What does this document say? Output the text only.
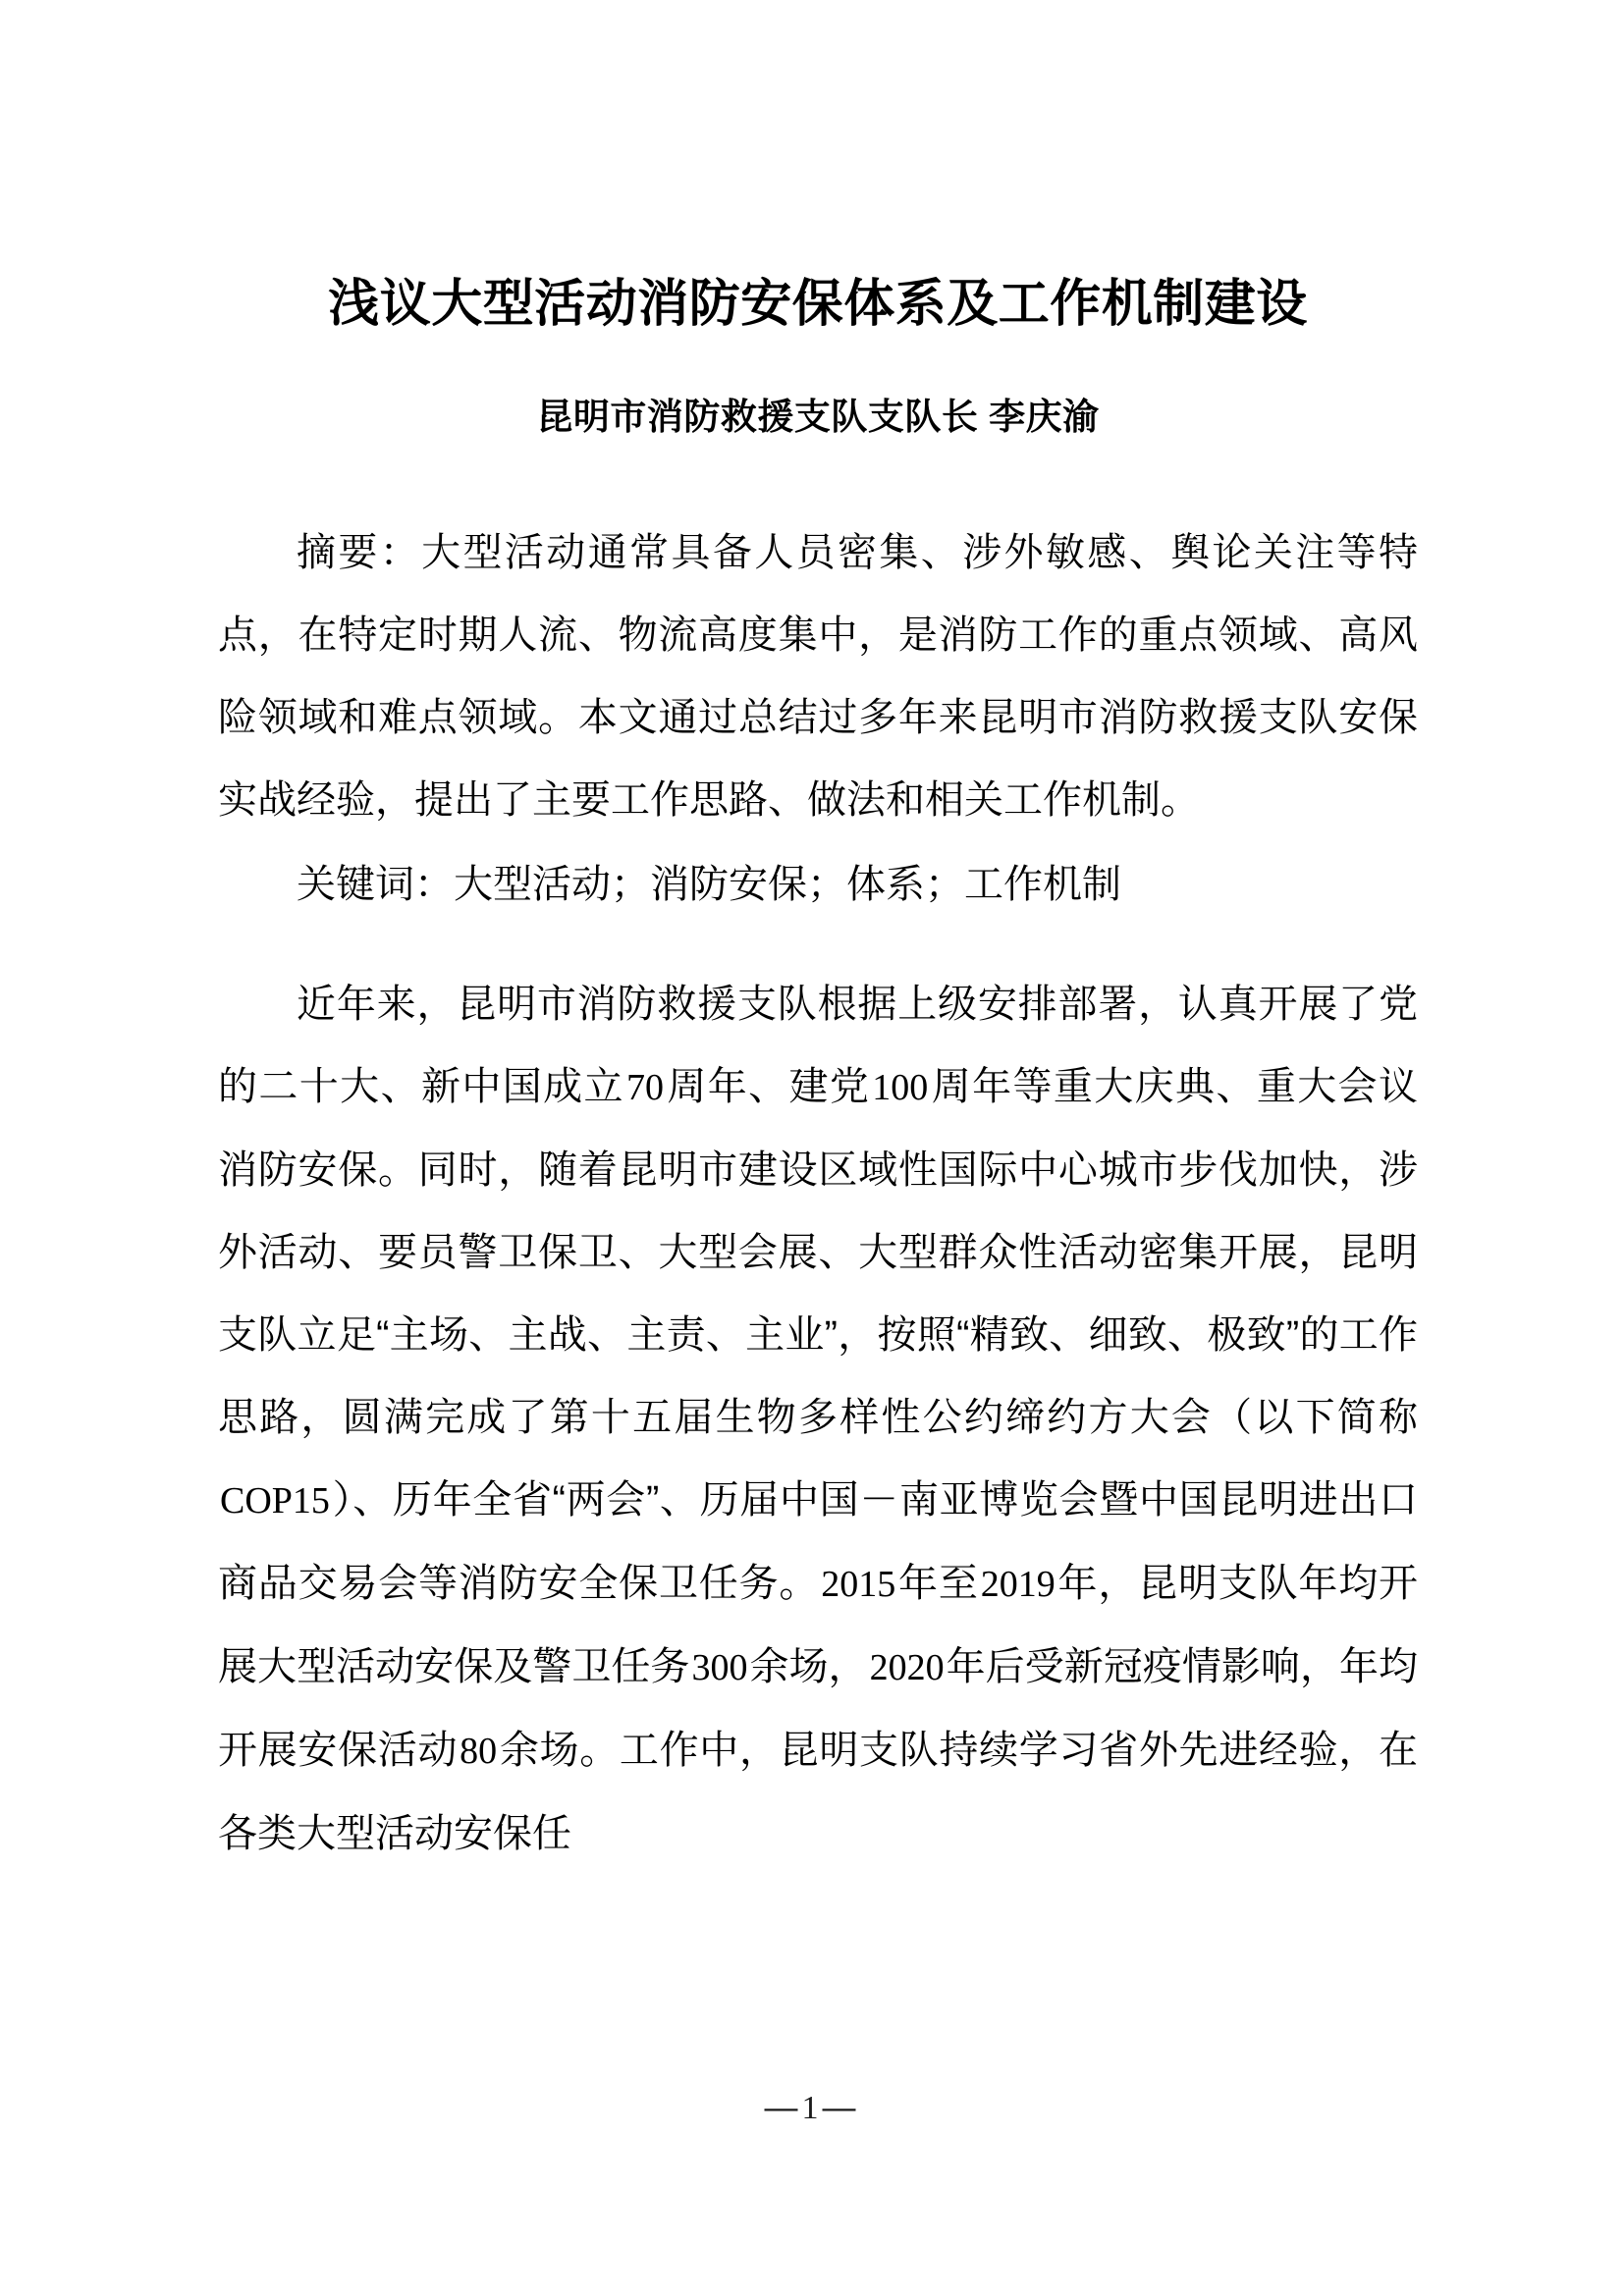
浅议大型活动消防安保体系及工作机制建设

昆明市消防救援支队支队长 李庆渝

摘要：大型活动通常具备人员密集、涉外敏感、舆论关注等特点，在特定时期人流、物流高度集中，是消防工作的重点领域、高风险领域和难点领域。本文通过总结过多年来昆明市消防救援支队安保实战经验，提出了主要工作思路、做法和相关工作机制。

关键词：大型活动；消防安保；体系；工作机制

近年来，昆明市消防救援支队根据上级安排部署，认真开展了党的二十大、新中国成立70周年、建党100周年等重大庆典、重大会议消防安保。同时，随着昆明市建设区域性国际中心城市步伐加快，涉外活动、要员警卫保卫、大型会展、大型群众性活动密集开展，昆明支队立足“主场、主战、主责、主业”，按照“精致、细致、极致”的工作思路，圆满完成了第十五届生物多样性公约缔约方大会（以下简称COP15）、历年全省“两会”、历届中国－南亚博览会暨中国昆明进出口商品交易会等消防安全保卫任务。2015年至2019年，昆明支队年均开展大型活动安保及警卫任务300余场，2020年后受新冠疫情影响，年均开展安保活动80余场。工作中，昆明支队持续学习省外先进经验，在各类大型活动安保任

—1—
